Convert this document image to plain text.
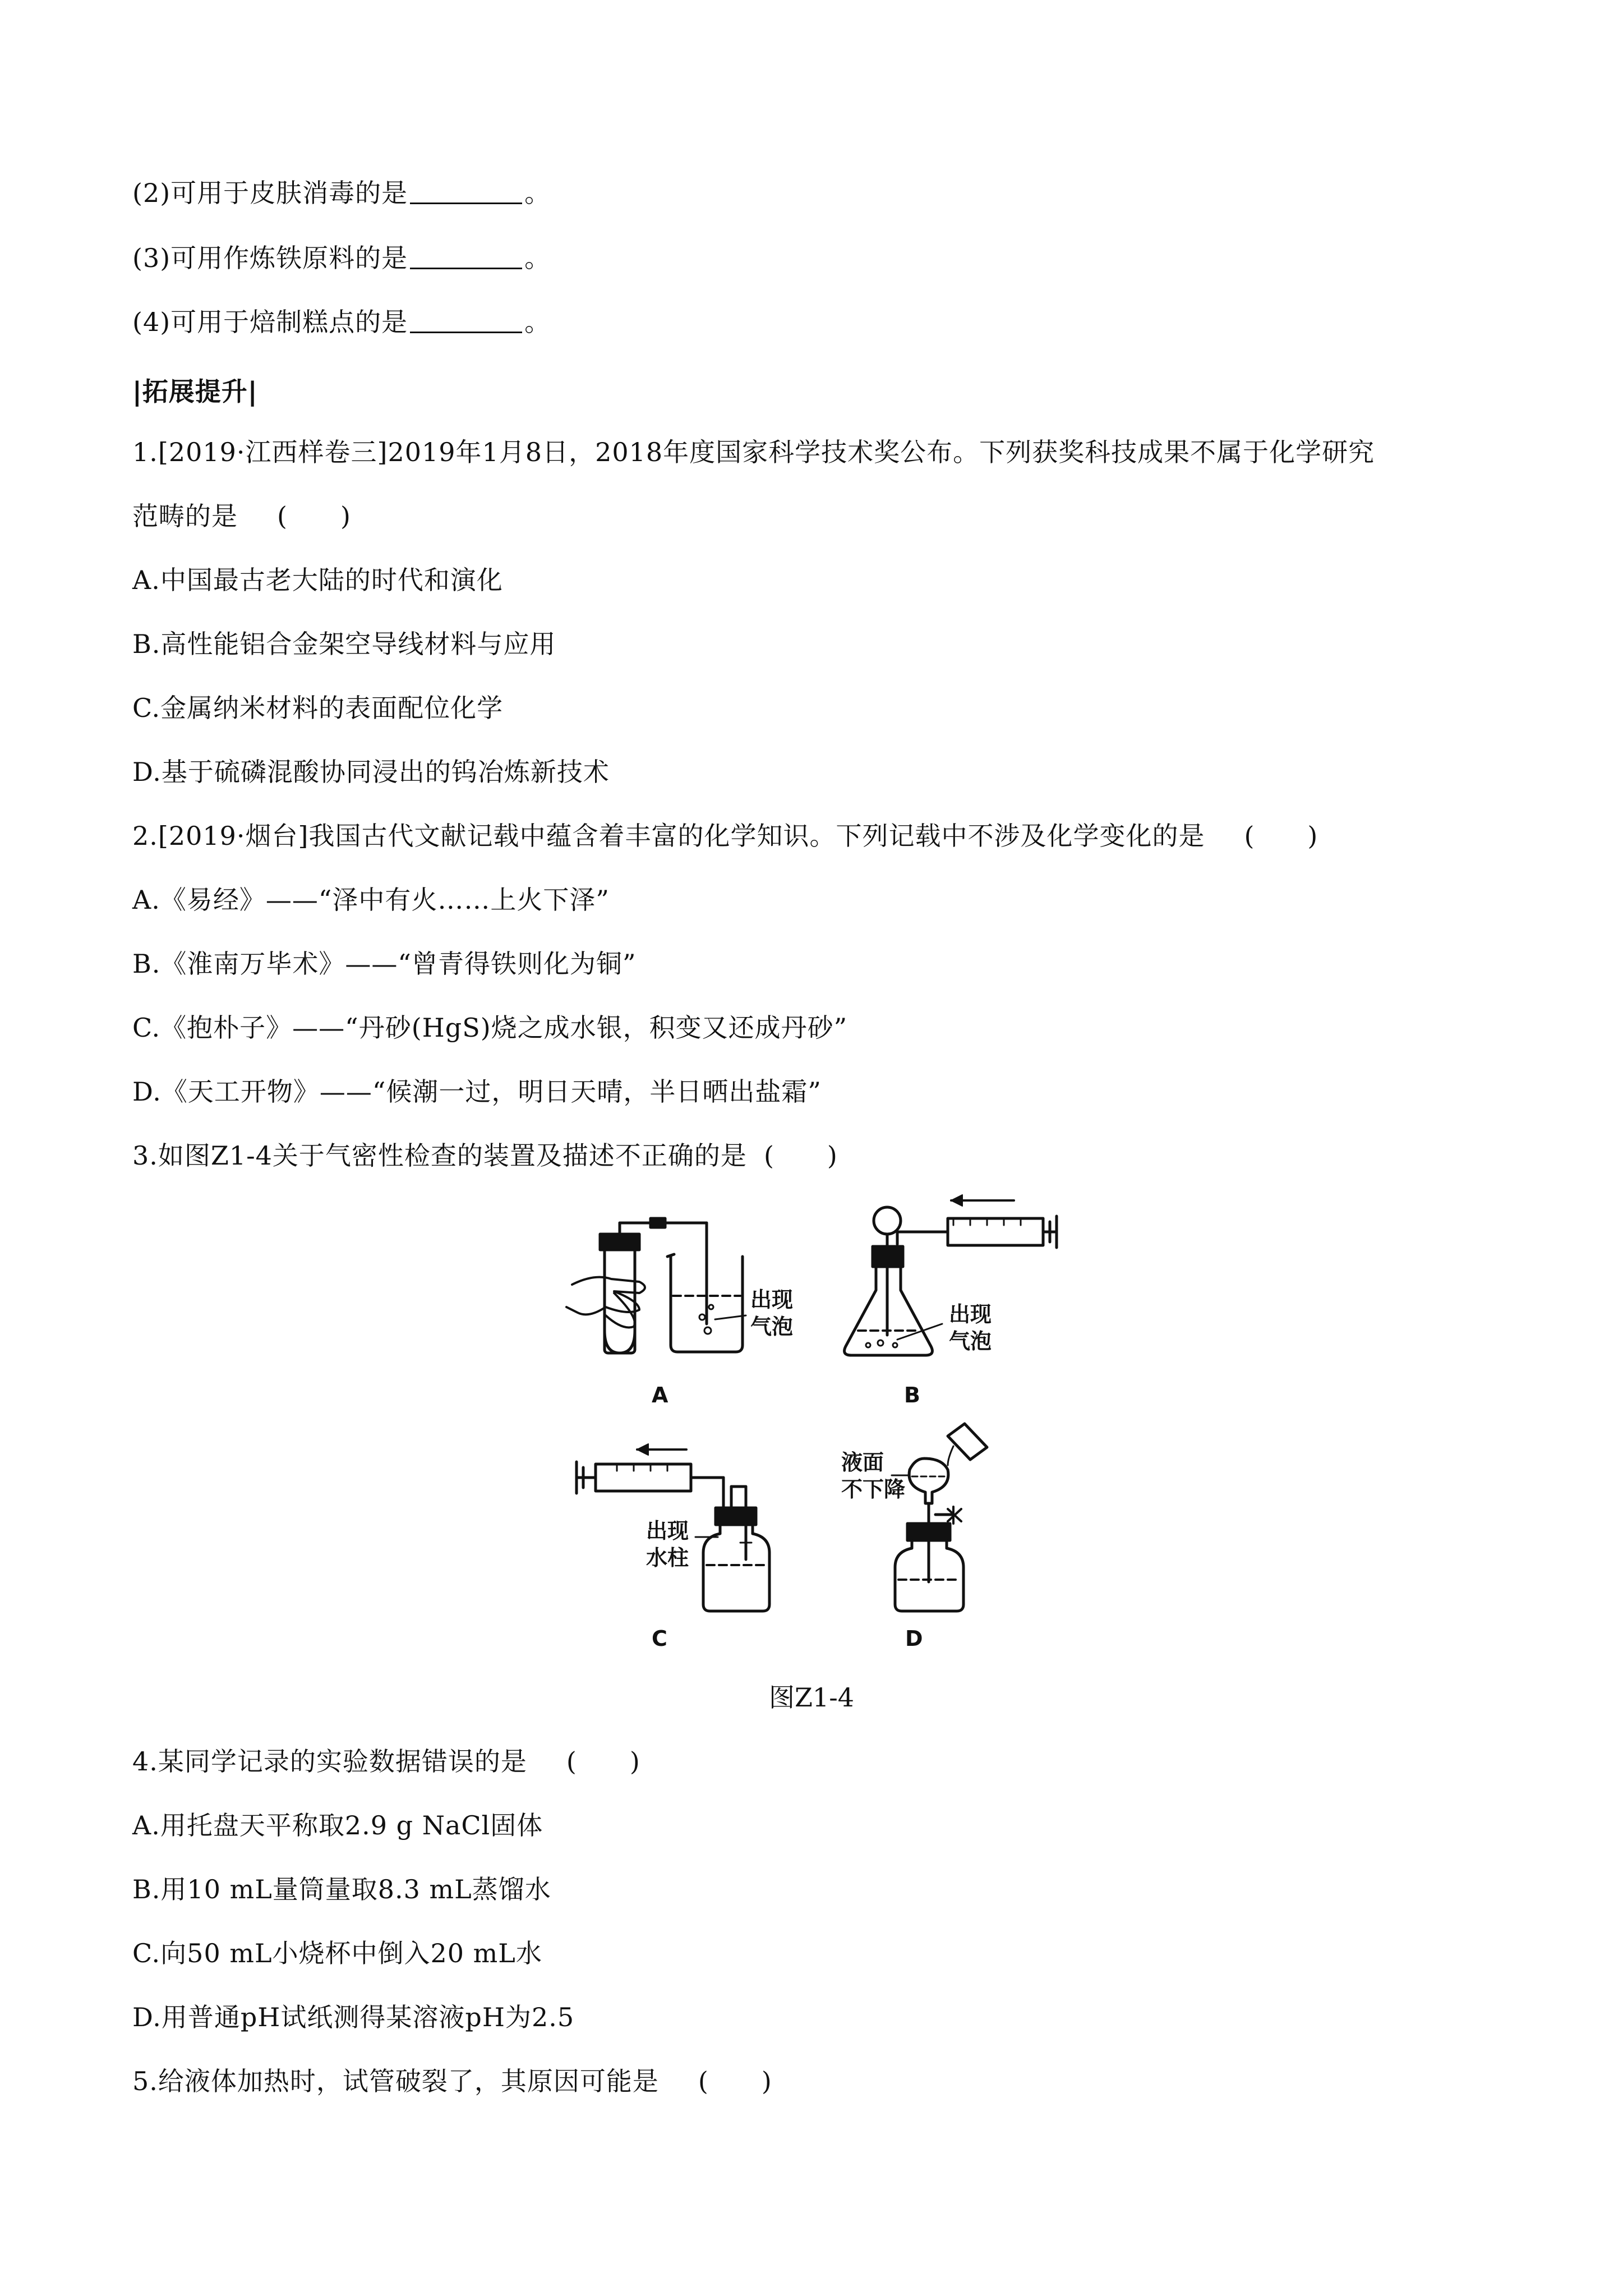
(2)可用于皮肤消毒的是	。
(3)可用作炼铁原料的是	。
(4)可用于焙制糕点的是	。
|拓展提升|
1.[2019·江西样卷三]2019年1月8日，2018年度国家科学技术奖公布。下列获奖科技成果不属于化学研究
范畴的是 (　　)
A.中国最古老大陆的时代和演化
B.高性能铝合金架空导线材料与应用
C.金属纳米材料的表面配位化学
D.基于硫磷混酸协同浸出的钨冶炼新技术
2.[2019·烟台]我国古代文献记载中蕴含着丰富的化学知识。下列记载中不涉及化学变化的是 (　　)
A.《易经》——“泽中有火……上火下泽”
B.《淮南万毕术》——“曾青得铁则化为铜”
C.《抱朴子》——“丹砂(HgS)烧之成水银，积变又还成丹砂”
D.《天工开物》——“候潮一过，明日天晴，半日晒出盐霜”
3.如图Z1-4关于气密性检查的装置及描述不正确的是 (　　)
出现
气泡
A
出现
气泡
B
出现
水柱
C
液面
不下降
D
图Z1-4
4.某同学记录的实验数据错误的是 (　　)
A.用托盘天平称取2.9 g NaCl固体
B.用10 mL量筒量取8.3 mL蒸馏水
C.向50 mL小烧杯中倒入20 mL水
D.用普通pH试纸测得某溶液pH为2.5
5.给液体加热时，试管破裂了，其原因可能是 (　　)
